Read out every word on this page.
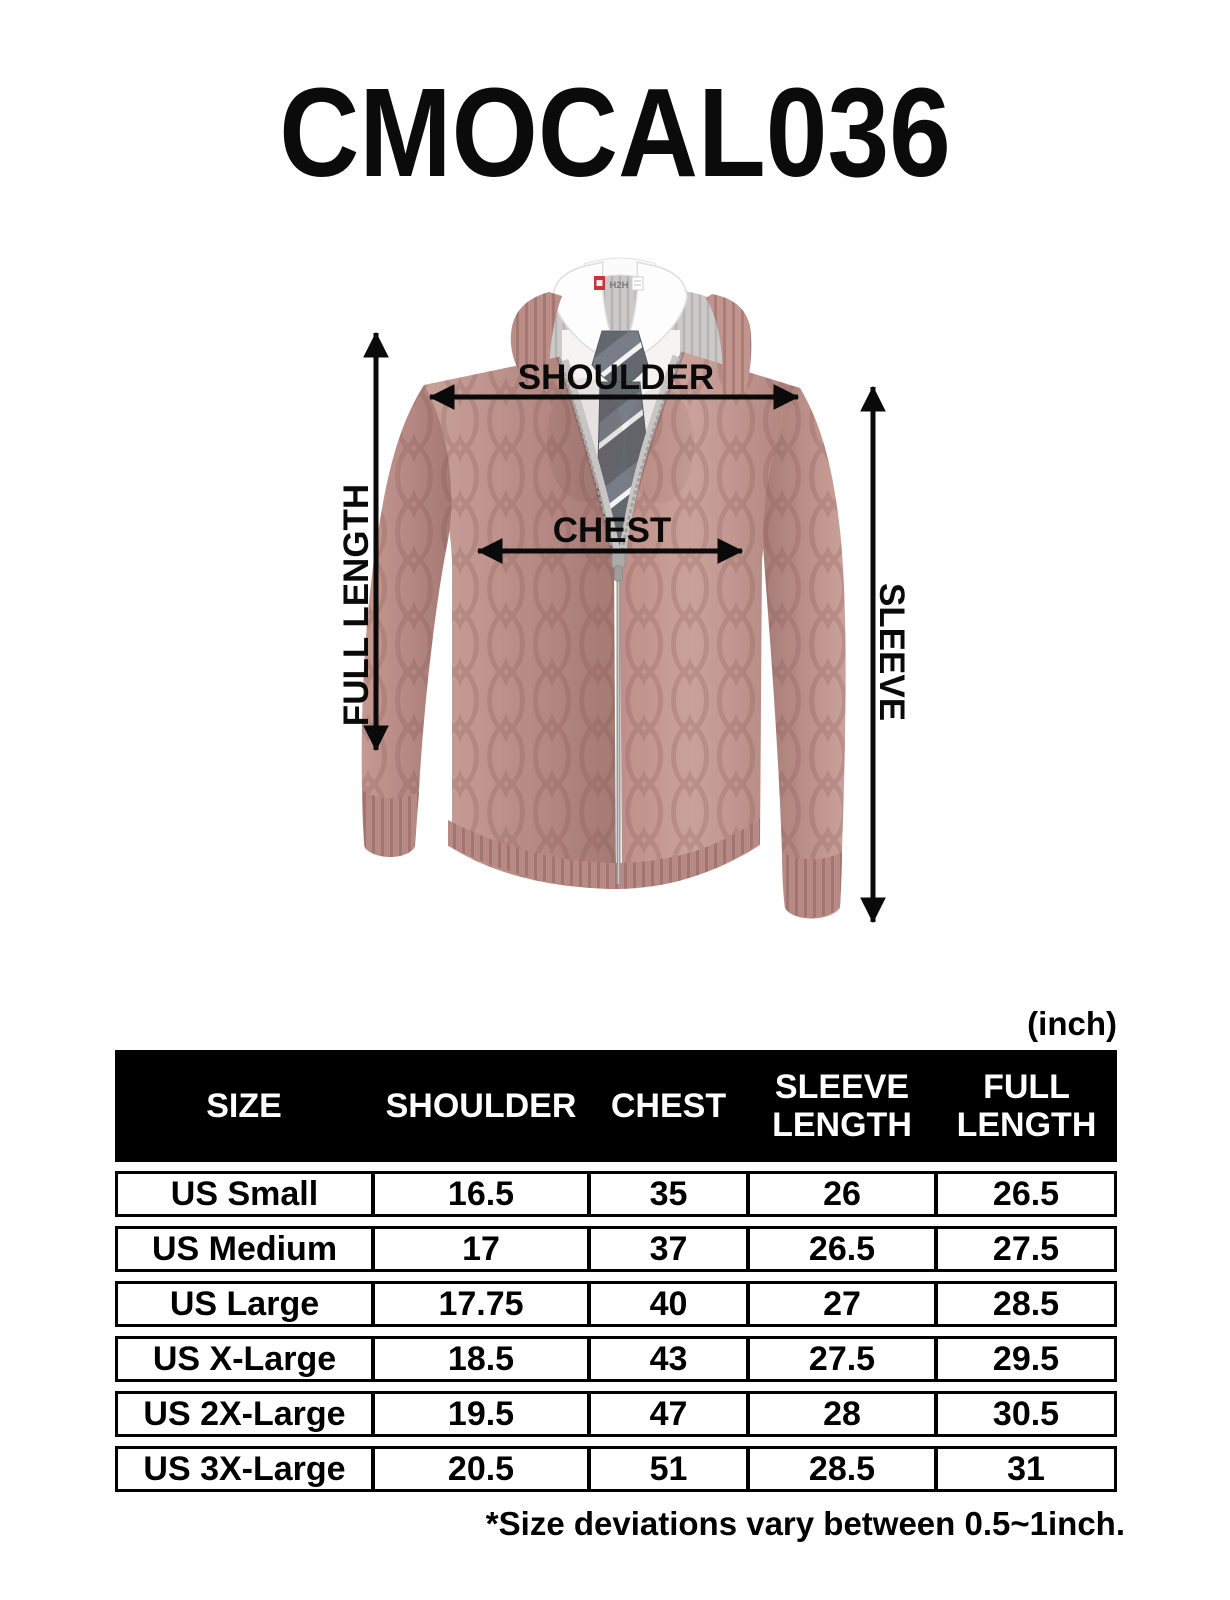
CMOCAL036
H2H
SHOULDER
CHEST
FULL LENGTH	SLEEVE
(inch)
SIZE	SHOULDER	CHEST	SLEEVE LENGTH	FULL LENGTH
US Small	16.5	35	26	26.5
US Medium	17	37	26.5	27.5
US Large	17.75	40	27	28.5
US X-Large	18.5	43	27.5	29.5
US 2X-Large	19.5	47	28	30.5
US 3X-Large	20.5	51	28.5	31
*Size deviations vary between 0.5~1inch.
